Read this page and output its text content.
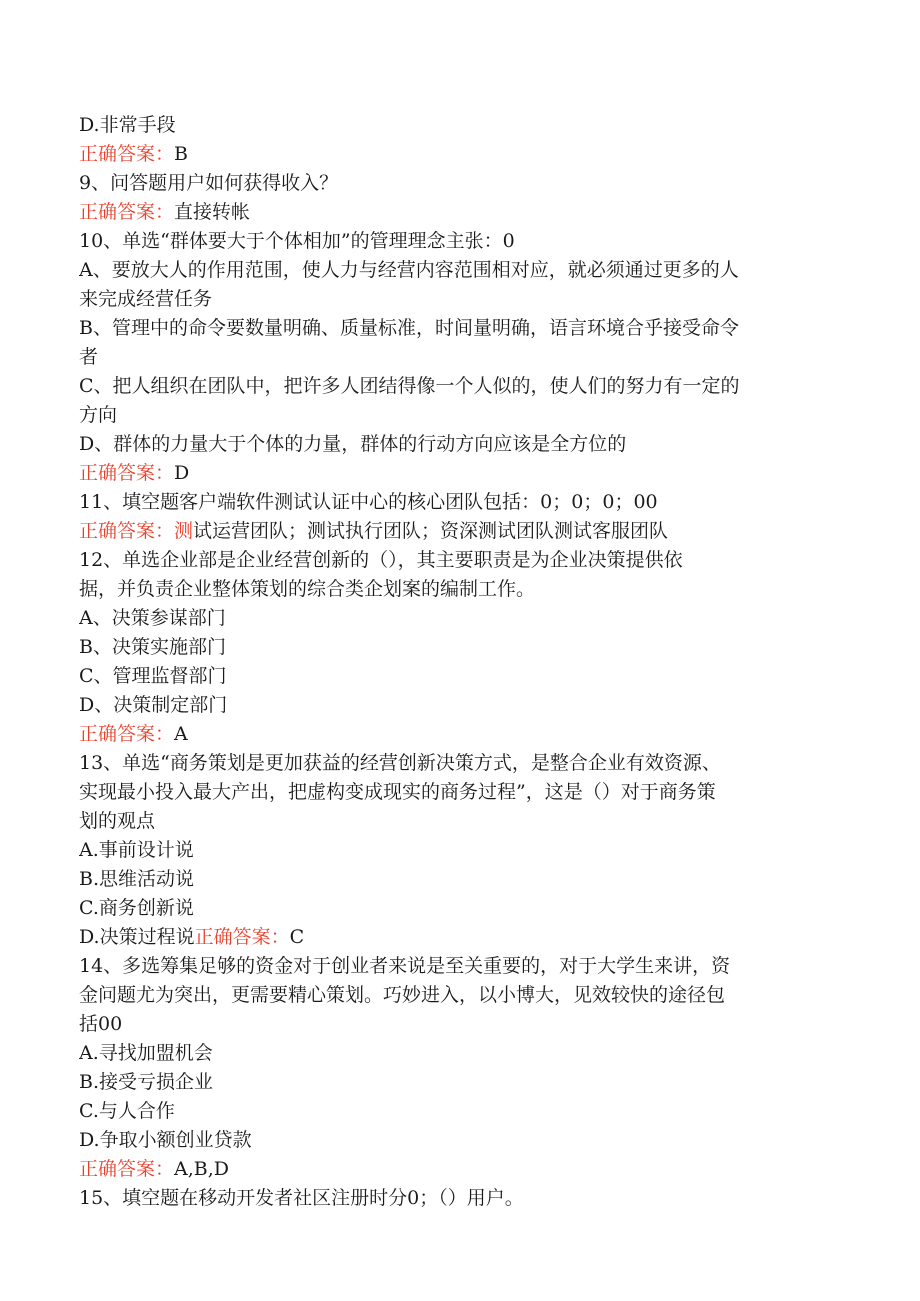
D.非常手段
正确答案：B
9、问答题用户如何获得收入？
正确答案：直接转帐
10、单选“群体要大于个体相加”的管理理念主张：0
A、要放大人的作用范围，使人力与经营内容范围相对应，就必须通过更多的人
来完成经营任务
B、管理中的命令要数量明确、质量标准，时间量明确，语言环境合乎接受命令
者
C、把人组织在团队中，把许多人团结得像一个人似的，使人们的努力有一定的
方向
D、群体的力量大于个体的力量，群体的行动方向应该是全方位的
正确答案：D
11、填空题客户端软件测试认证中心的核心团队包括：0；0；0；00
正确答案：测试运营团队；测试执行团队；资深测试团队测试客服团队
12、单选企业部是企业经营创新的（），其主要职责是为企业决策提供依
据，并负责企业整体策划的综合类企划案的编制工作。
A、决策参谋部门
B、决策实施部门
C、管理监督部门
D、决策制定部门
正确答案：A
13、单选“商务策划是更加获益的经营创新决策方式，是整合企业有效资源、
实现最小投入最大产出，把虚构变成现实的商务过程”，这是（）对于商务策
划的观点
A.事前设计说
B.思维活动说
C.商务创新说
D.决策过程说正确答案：C
14、多选筹集足够的资金对于创业者来说是至关重要的，对于大学生来讲，资
金问题尤为突出，更需要精心策划。巧妙进入，以小博大，见效较快的途径包
括00
A.寻找加盟机会
B.接受亏损企业
C.与人合作
D.争取小额创业贷款
正确答案：A,B,D
15、填空题在移动开发者社区注册时分0；（）用户。
